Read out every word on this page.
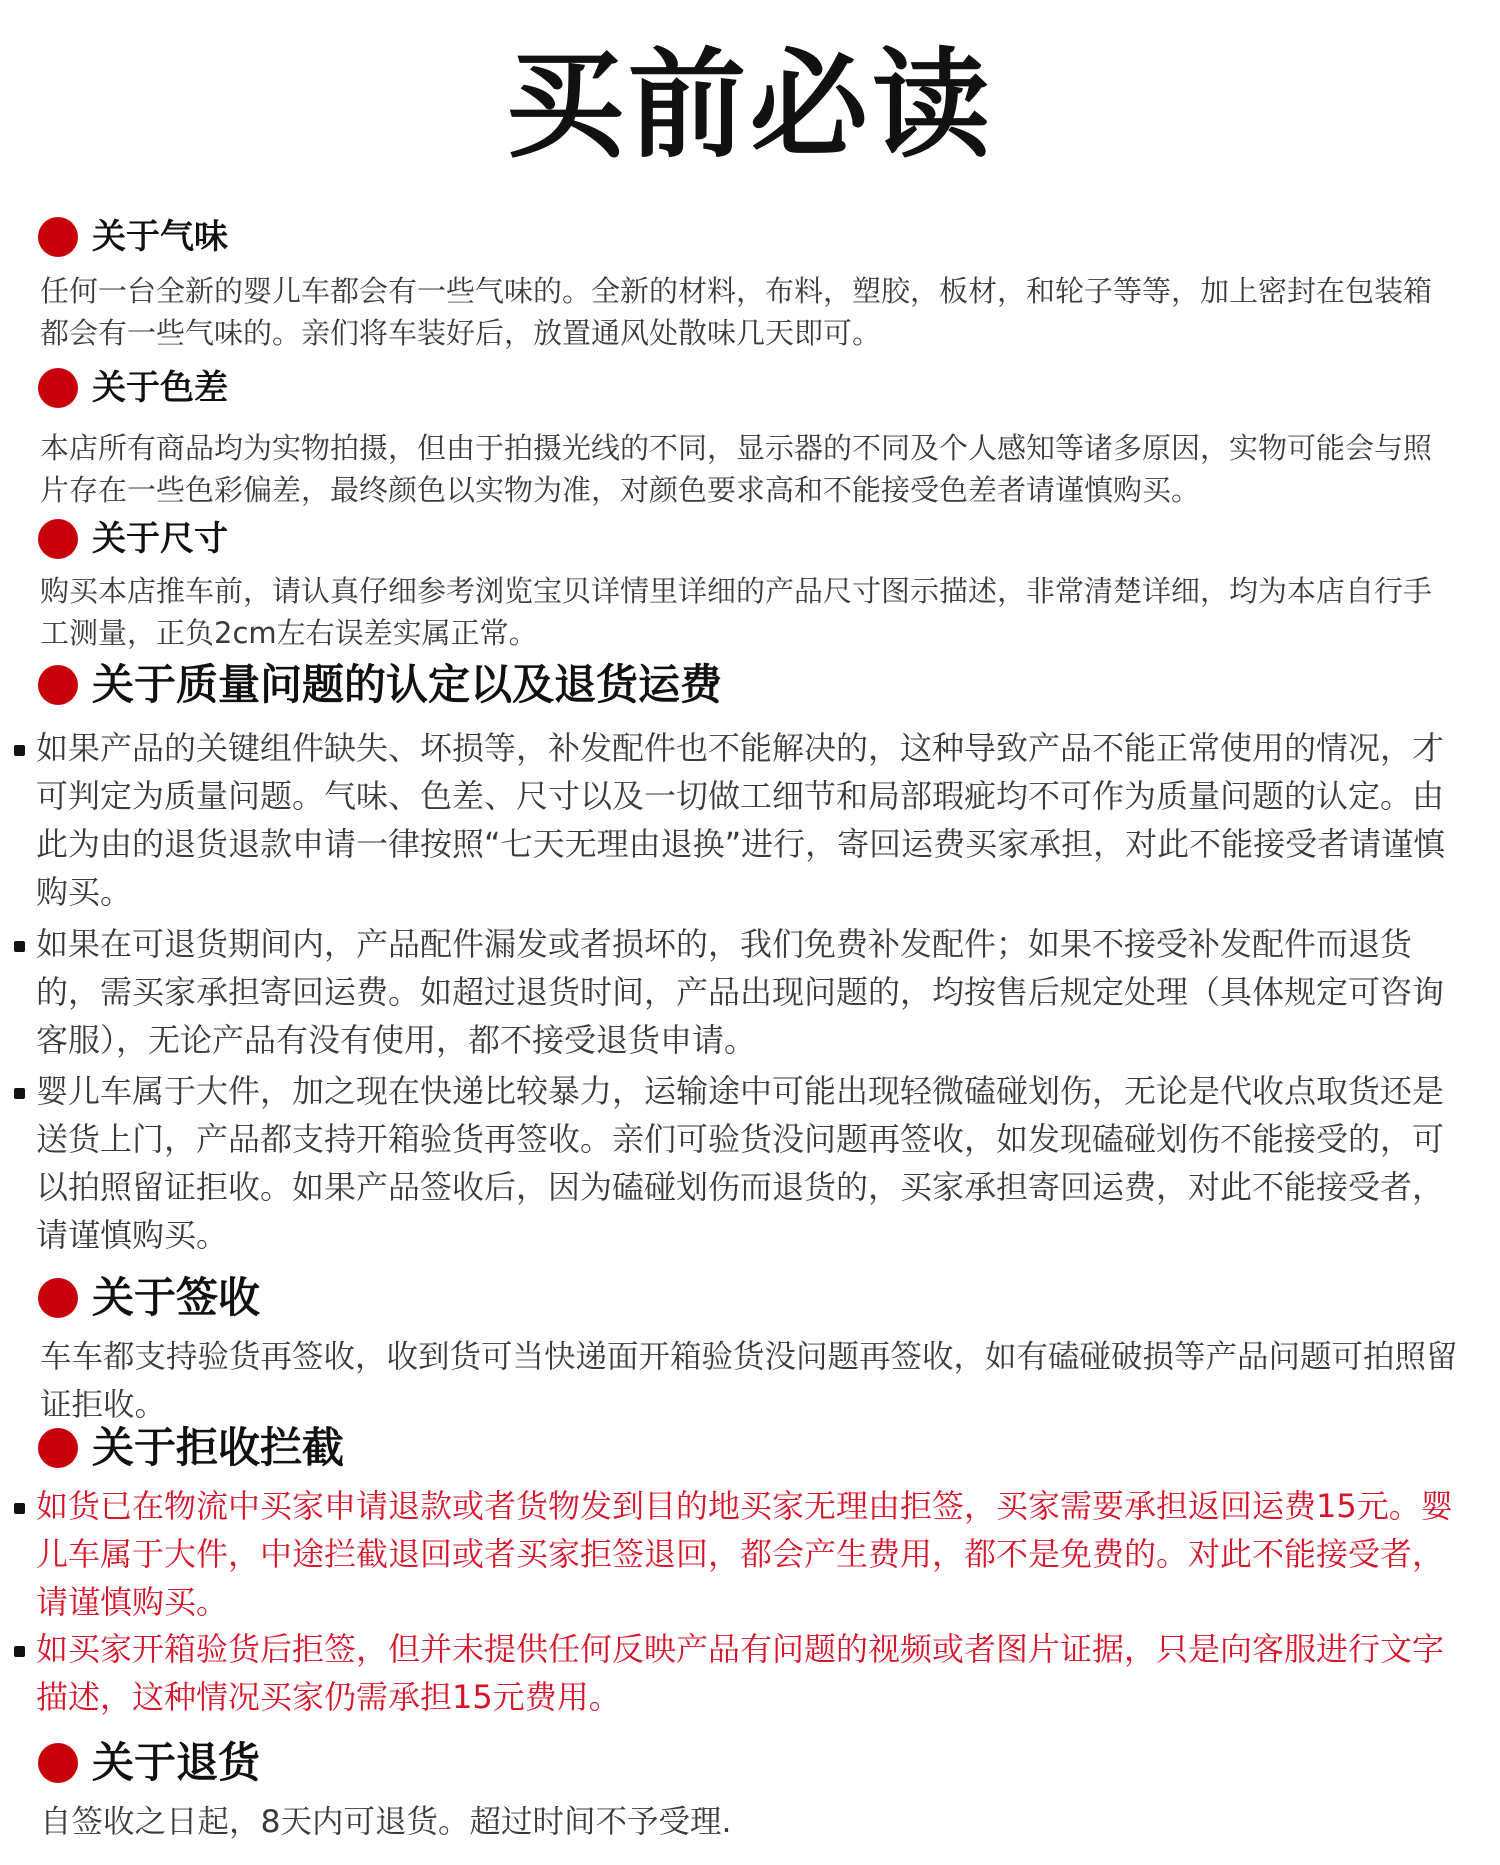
买前必读
关于气味

任何一台全新的婴儿车都会有一些气味的。全新的材料，布料，塑胶，板材，和轮子等等，加上密封在包装箱都会有一些气味的。亲们将车装好后，放置通风处散味几天即可。

关于色差

本店所有商品均为实物拍摄，但由于拍摄光线的不同，显示器的不同及个人感知等诸多原因，实物可能会与照片存在一些色彩偏差，最终颜色以实物为准，对颜色要求高和不能接受色差者请谨慎购买。

关于尺寸

购买本店推车前，请认真仔细参考浏览宝贝详情里详细的产品尺寸图示描述，非常清楚详细，均为本店自行手工测量，正负2cm左右误差实属正常。

关于质量问题的认定以及退货运费
如果产品的关键组件缺失、坏损等，补发配件也不能解决的，这种导致产品不能正常使用的情况，才可判定为质量问题。气味、色差、尺寸以及一切做工细节和局部瑕疵均不可作为质量问题的认定。由此为由的退货退款申请一律按照“七天无理由退换”进行，寄回运费买家承担，对此不能接受者请谨慎购买。
如果在可退货期间内，产品配件漏发或者损坏的，我们免费补发配件；如果不接受补发配件而退货的，需买家承担寄回运费。如超过退货时间，产品出现问题的，均按售后规定处理（具体规定可咨询客服），无论产品有没有使用，都不接受退货申请。
婴儿车属于大件，加之现在快递比较暴力，运输途中可能出现轻微磕碰划伤，无论是代收点取货还是送货上门，产品都支持开箱验货再签收。亲们可验货没问题再签收，如发现磕碰划伤不能接受的，可以拍照留证拒收。如果产品签收后，因为磕碰划伤而退货的，买家承担寄回运费，对此不能接受者，请谨慎购买。
关于签收

车车都支持验货再签收，收到货可当快递面开箱验货没问题再签收，如有磕碰破损等产品问题可拍照留证拒收。

关于拒收拦截
如货已在物流中买家申请退款或者货物发到目的地买家无理由拒签，买家需要承担返回运费15元。婴儿车属于大件，中途拦截退回或者买家拒签退回，都会产生费用，都不是免费的。对此不能接受者，请谨慎购买。
如买家开箱验货后拒签，但并未提供任何反映产品有问题的视频或者图片证据，只是向客服进行文字描述，这种情况买家仍需承担15元费用。
关于退货

自签收之日起，8天内可退货。超过时间不予受理.
